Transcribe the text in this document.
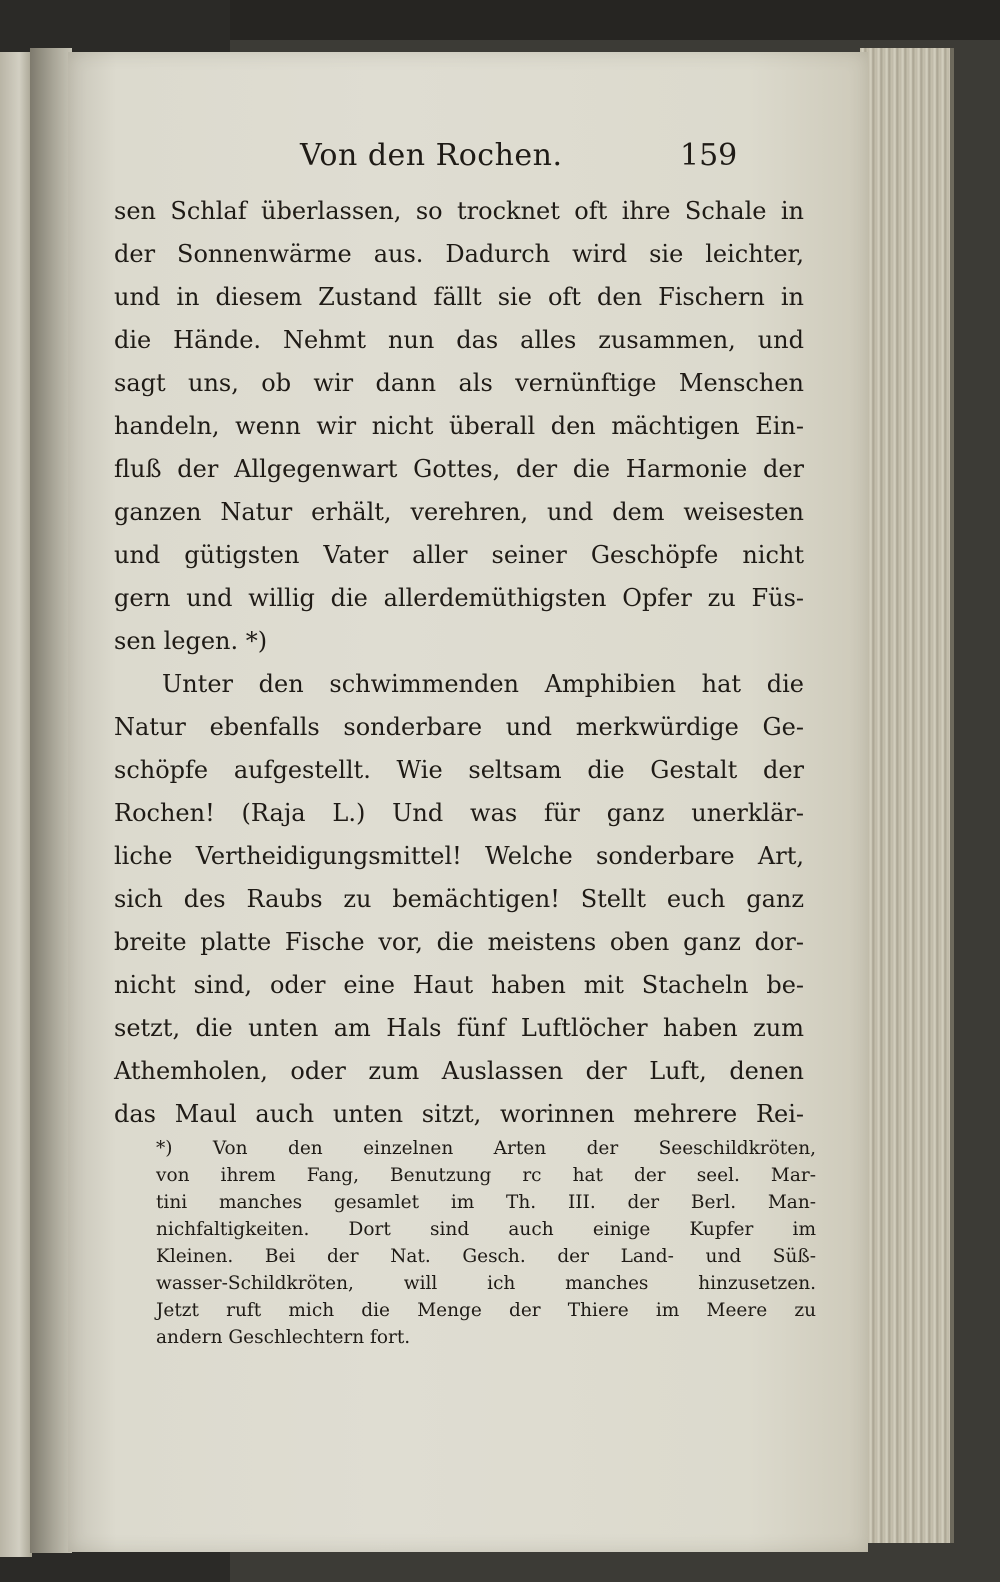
Von den Rochen.	159
sen Schlaf überlassen, so trocknet oft ihre Schale in
der Sonnenwärme aus. Dadurch wird sie leichter,
und in diesem Zustand fällt sie oft den Fischern in
die Hände. Nehmt nun das alles zusammen, und
sagt uns, ob wir dann als vernünftige Menschen
handeln, wenn wir nicht überall den mächtigen Ein-
fluß der Allgegenwart Gottes, der die Harmonie der
ganzen Natur erhält, verehren, und dem weisesten
und gütigsten Vater aller seiner Geschöpfe nicht
gern und willig die allerdemüthigsten Opfer zu Füs-
sen legen. *)
Unter den schwimmenden Amphibien hat die
Natur ebenfalls sonderbare und merkwürdige Ge-
schöpfe aufgestellt. Wie seltsam die Gestalt der
Rochen! (Raja L.) Und was für ganz unerklär-
liche Vertheidigungsmittel! Welche sonderbare Art,
sich des Raubs zu bemächtigen! Stellt euch ganz
breite platte Fische vor, die meistens oben ganz dor-
nicht sind, oder eine Haut haben mit Stacheln be-
setzt, die unten am Hals fünf Luftlöcher haben zum
Athemholen, oder zum Auslassen der Luft, denen
das Maul auch unten sitzt, worinnen mehrere Rei-
*) Von den einzelnen Arten der Seeschildkröten,
von ihrem Fang, Benutzung rc hat der seel. Mar-
tini manches gesamlet im Th. III. der Berl. Man-
nichfaltigkeiten. Dort sind auch einige Kupfer im
Kleinen. Bei der Nat. Gesch. der Land- und Süß-
wasser-Schildkröten, will ich manches hinzusetzen.
Jetzt ruft mich die Menge der Thiere im Meere zu
andern Geschlechtern fort.
